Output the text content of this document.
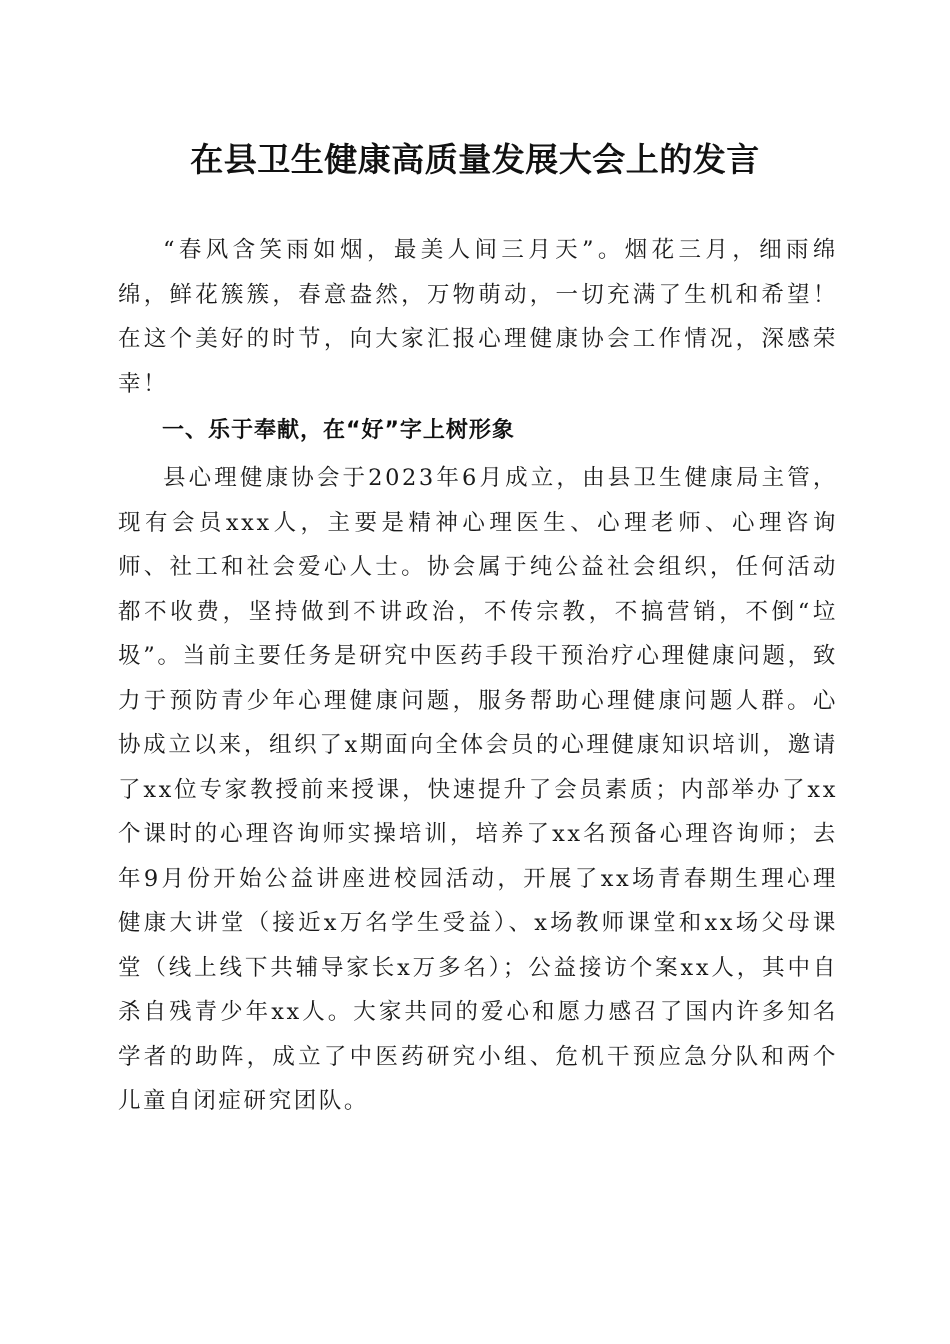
在县卫生健康高质量发展大会上的发言

“春风含笑雨如烟，最美人间三月天”。烟花三月，细雨绵绵，鲜花簇簇，春意盎然，万物萌动，一切充满了生机和希望！在这个美好的时节，向大家汇报心理健康协会工作情况，深感荣幸！

一、乐于奉献，在“好”字上树形象

县心理健康协会于2023年6月成立，由县卫生健康局主管，现有会员xxx人，主要是精神心理医生、心理老师、心理咨询师、社工和社会爱心人士。协会属于纯公益社会组织，任何活动都不收费，坚持做到不讲政治，不传宗教，不搞营销，不倒“垃圾”。当前主要任务是研究中医药手段干预治疗心理健康问题，致力于预防青少年心理健康问题，服务帮助心理健康问题人群。心协成立以来，组织了x期面向全体会员的心理健康知识培训，邀请了xx位专家教授前来授课，快速提升了会员素质；内部举办了xx个课时的心理咨询师实操培训，培养了xx名预备心理咨询师；去年9月份开始公益讲座进校园活动，开展了xx场青春期生理心理健康大讲堂（接近x万名学生受益）、x场教师课堂和xx场父母课堂（线上线下共辅导家长x万多名）；公益接访个案xx人，其中自杀自残青少年xx人。大家共同的爱心和愿力感召了国内许多知名学者的助阵，成立了中医药研究小组、危机干预应急分队和两个儿童自闭症研究团队。
